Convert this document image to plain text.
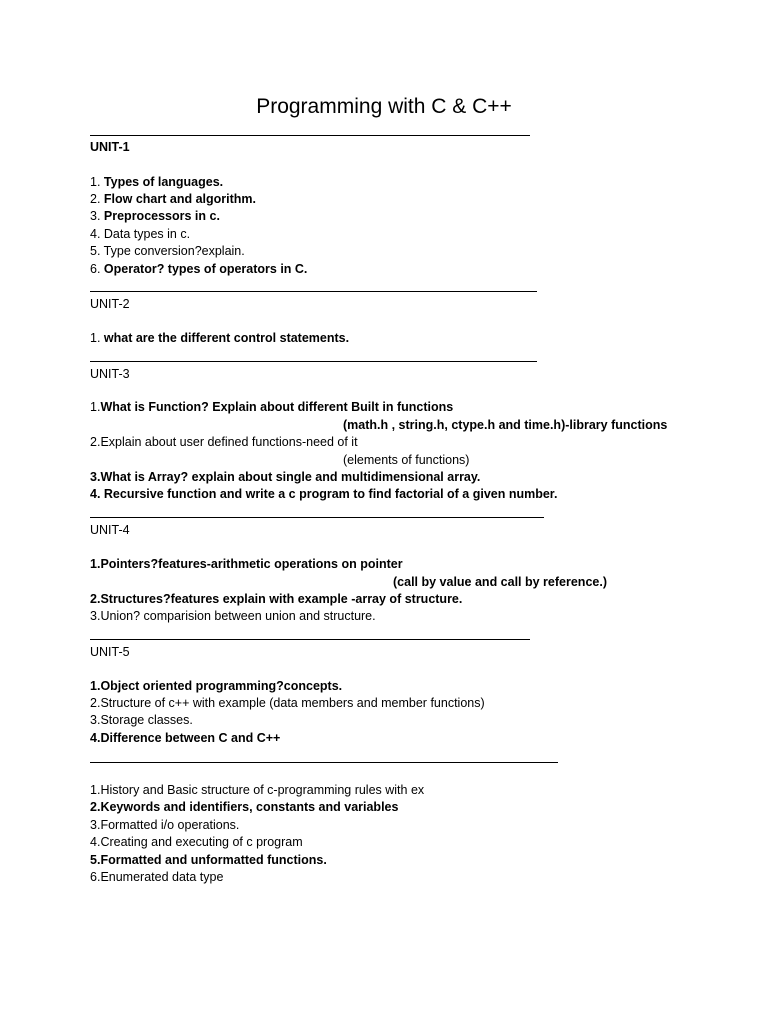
Programming with C & C++
UNIT-1
1. Types of languages.
2. Flow chart and algorithm.
3. Preprocessors in c.
4. Data types in c.
5. Type conversion?explain.
6. Operator? types of operators in C.
UNIT-2
1. what are the different control statements.
UNIT-3
1.What is Function? Explain about different Built in functions
(math.h , string.h, ctype.h and time.h)-library functions
2.Explain about user defined functions-need of it
(elements of functions)
3.What is Array? explain about single and multidimensional array.
4. Recursive function and write a c program to find factorial of a given number.
UNIT-4
1.Pointers?features-arithmetic operations on pointer
(call by value and call by reference.)
2.Structures?features explain with example -array of structure.
3.Union? comparision between union and structure.
UNIT-5
1.Object oriented programming?concepts.
2.Structure of c++ with example (data members and member functions)
3.Storage classes.
4.Difference between C and C++
1.History and Basic structure of c-programming rules with ex
2.Keywords and identifiers, constants and variables
3.Formatted i/o operations.
4.Creating and executing of c program
5.Formatted and unformatted functions.
6.Enumerated data type
